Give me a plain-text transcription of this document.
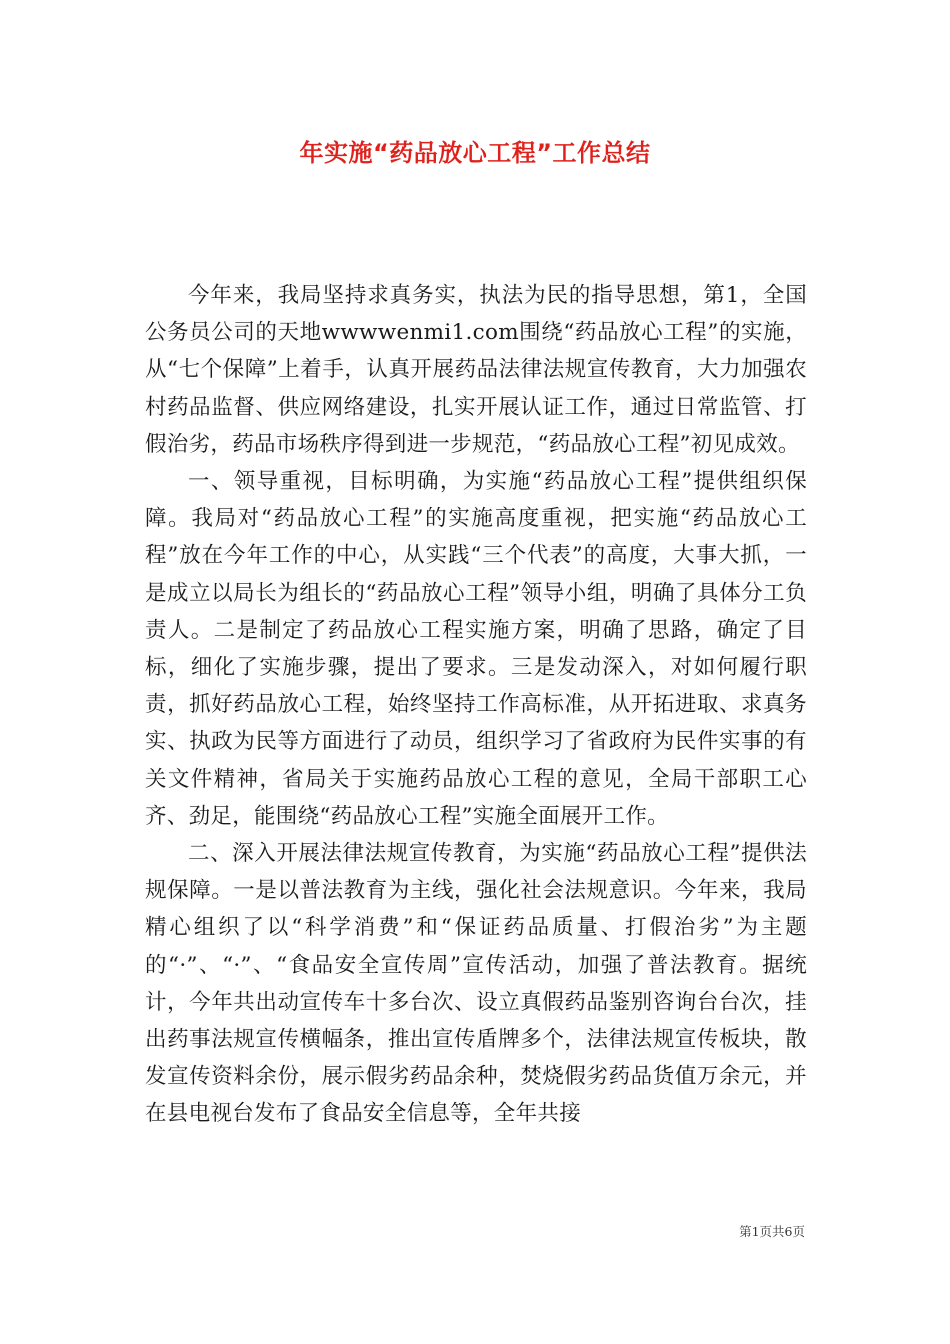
年实施“药品放心工程”工作总结

今年来，我局坚持求真务实，执法为民的指导思想，第1，全国公务员公司的天地wwwwenmi1.com围绕“药品放心工程”的实施，从“七个保障”上着手，认真开展药品法律法规宣传教育，大力加强农村药品监督、供应网络建设，扎实开展认证工作，通过日常监管、打假治劣，药品市场秩序得到进一步规范，“药品放心工程”初见成效。

一、领导重视，目标明确，为实施“药品放心工程”提供组织保障。我局对“药品放心工程”的实施高度重视，把实施“药品放心工程”放在今年工作的中心，从实践“三个代表”的高度，大事大抓，一是成立以局长为组长的“药品放心工程”领导小组，明确了具体分工负责人。二是制定了药品放心工程实施方案，明确了思路，确定了目标，细化了实施步骤，提出了要求。三是发动深入，对如何履行职责，抓好药品放心工程，始终坚持工作高标准，从开拓进取、求真务实、执政为民等方面进行了动员，组织学习了省政府为民件实事的有关文件精神，省局关于实施药品放心工程的意见，全局干部职工心齐、劲足，能围绕“药品放心工程”实施全面展开工作。

二、深入开展法律法规宣传教育，为实施“药品放心工程”提供法规保障。一是以普法教育为主线，强化社会法规意识。今年来，我局精心组织了以“科学消费”和“保证药品质量、打假治劣”为主题的“·”、“·”、“食品安全宣传周”宣传活动，加强了普法教育。据统计，今年共出动宣传车十多台次、设立真假药品鉴别咨询台台次，挂出药事法规宣传横幅条，推出宣传盾牌多个，法律法规宣传板块，散发宣传资料余份，展示假劣药品余种，焚烧假劣药品货值万余元，并在县电视台发布了食品安全信息等，全年共接

第1页共6页
